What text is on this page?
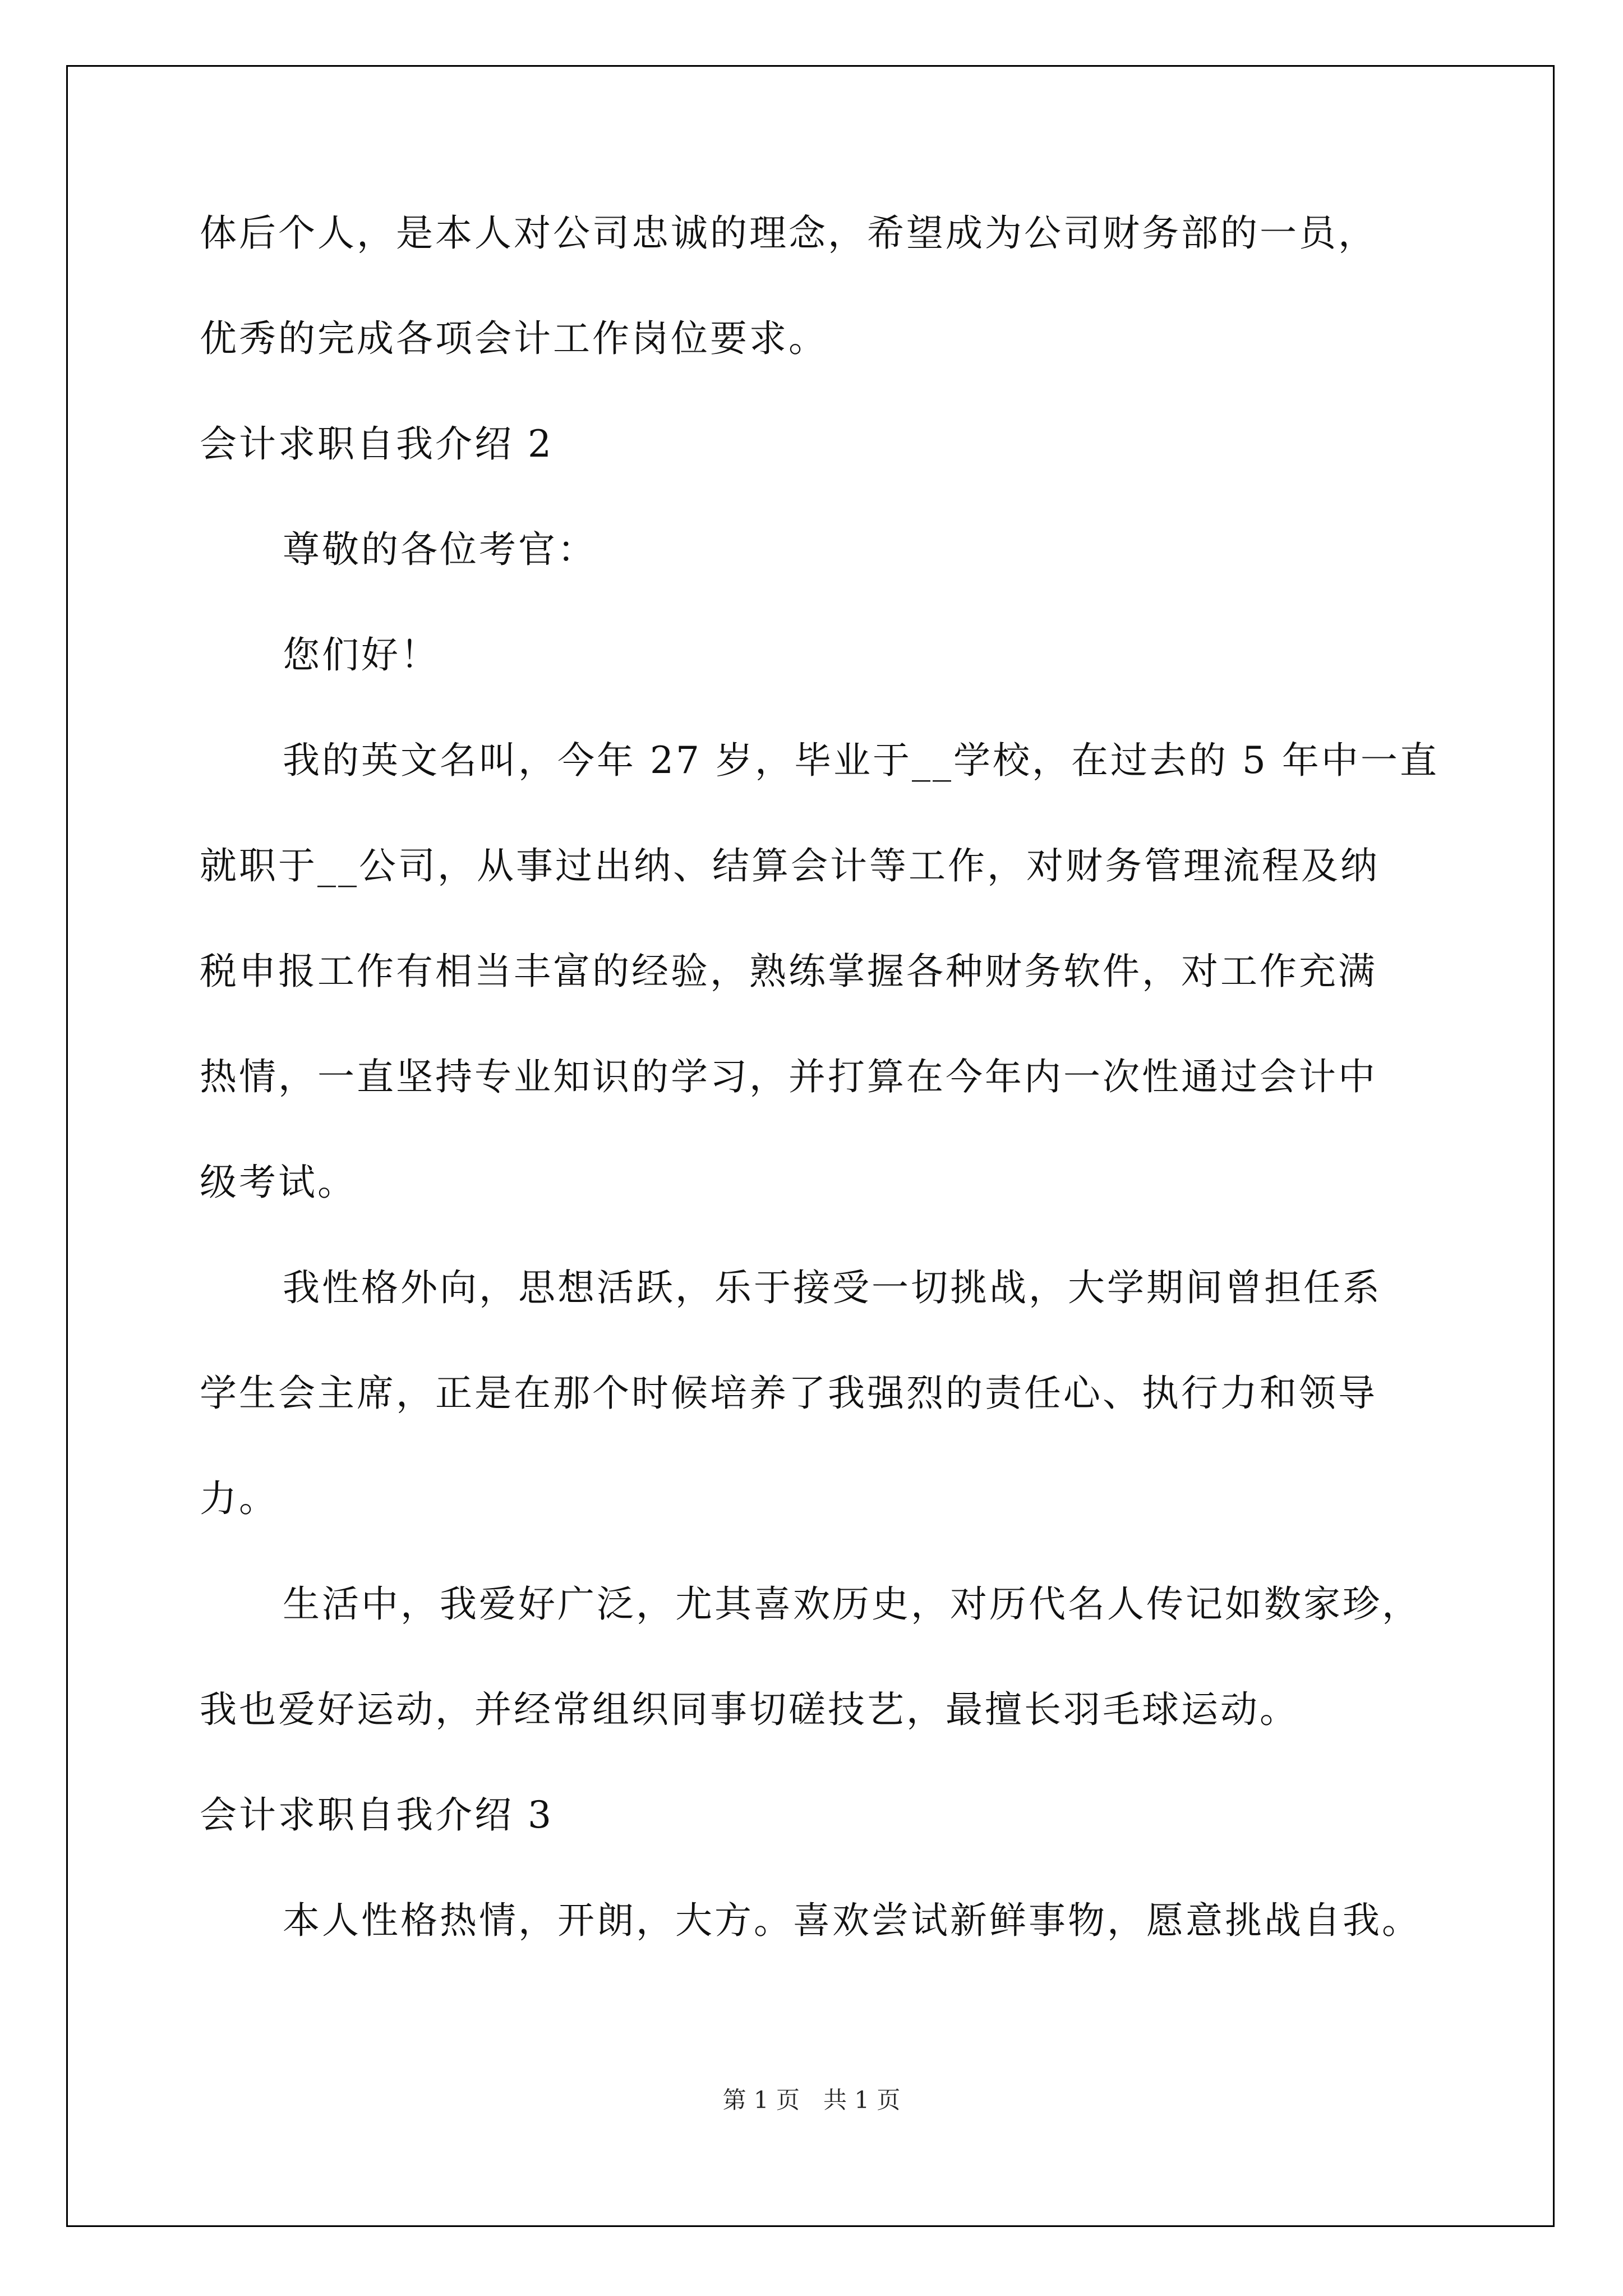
体后个人，是本人对公司忠诚的理念，希望成为公司财务部的一员，
优秀的完成各项会计工作岗位要求。
会计求职自我介绍 2
尊敬的各位考官：
您们好！
我的英文名叫，今年 27 岁，毕业于__学校，在过去的 5 年中一直
就职于__公司，从事过出纳、结算会计等工作，对财务管理流程及纳
税申报工作有相当丰富的经验，熟练掌握各种财务软件，对工作充满
热情，一直坚持专业知识的学习，并打算在今年内一次性通过会计中
级考试。
我性格外向，思想活跃，乐于接受一切挑战，大学期间曾担任系
学生会主席，正是在那个时候培养了我强烈的责任心、执行力和领导
力。
生活中，我爱好广泛，尤其喜欢历史，对历代名人传记如数家珍，
我也爱好运动，并经常组织同事切磋技艺，最擅长羽毛球运动。
会计求职自我介绍 3
本人性格热情，开朗，大方。喜欢尝试新鲜事物，愿意挑战自我。
第 1 页　共 1 页
